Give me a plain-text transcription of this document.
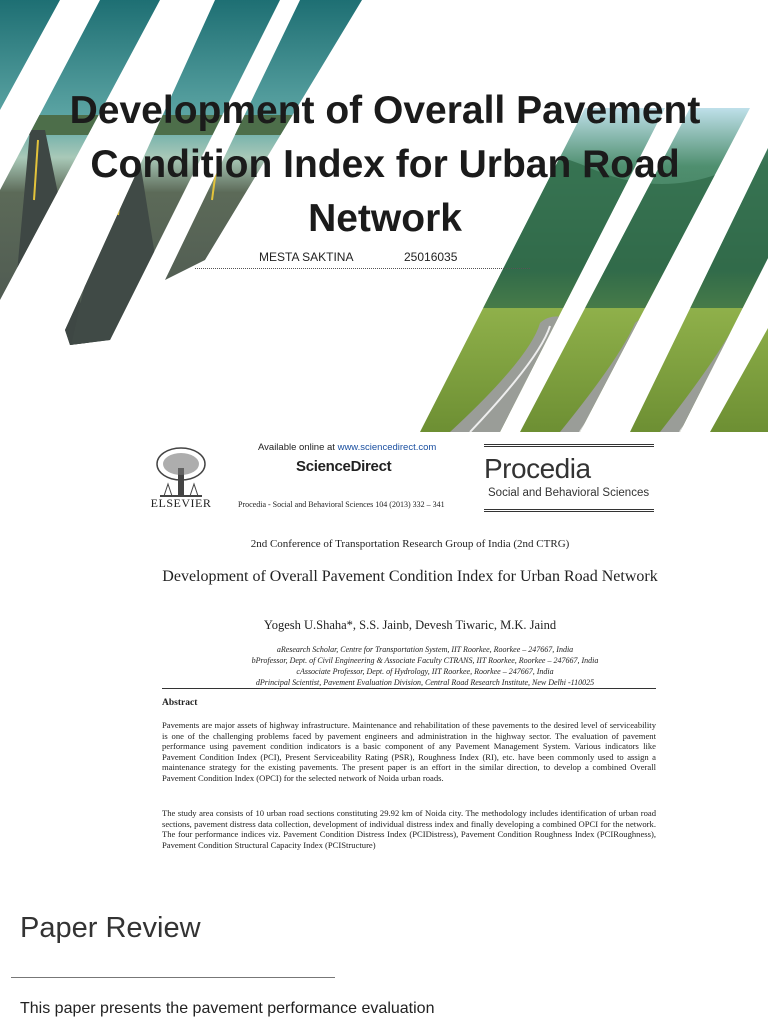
Development of Overall Pavement Condition Index for Urban Road Network
MESTA SAKTINA	25016035
ELSEVIER
Available online at www.sciencedirect.com
ScienceDirect
Procedia - Social and Behavioral Sciences 104 (2013) 332 – 341
Procedia
Social and Behavioral Sciences
2nd Conference of Transportation Research Group of India (2nd CTRG)
Development of Overall Pavement Condition Index for Urban Road Network
Yogesh U.Shaha*, S.S. Jainb, Devesh Tiwaric, M.K. Jaind
aResearch Scholar, Centre for Transportation System, IIT Roorkee, Roorkee – 247667, India
bProfessor, Dept. of Civil Engineering & Associate Faculty CTRANS, IIT Roorkee, Roorkee – 247667, India
cAssociate Professor, Dept. of Hydrology, IIT Roorkee, Roorkee – 247667, India
dPrincipal Scientist, Pavement Evaluation Division, Central Road Research Institute, New Delhi -110025
Abstract

Pavements are major assets of highway infrastructure. Maintenance and rehabilitation of these pavements to the desired level of serviceability is one of the challenging problems faced by pavement engineers and administration in the highway sector. The evaluation of pavement performance using pavement condition indicators is a basic component of any Pavement Management System. Various indicators like Pavement Condition Index (PCI), Present Serviceability Rating (PSR), Roughness Index (RI), etc. have been commonly used to assign a maintenance strategy for the existing pavements. The present paper is an effort in the similar direction, to develop a combined Overall Pavement Condition Index (OPCI) for the selected network of Noida urban roads.

The study area consists of 10 urban road sections constituting 29.92 km of Noida city. The methodology includes identification of urban road sections, pavement distress data collection, development of individual distress index and finally developing a combined OPCI for the network. The four performance indices viz. Pavement Condition Distress Index (PCIDistress), Pavement Condition Roughness Index (PCIRoughness), Pavement Condition Structural Capacity Index (PCIStructure)

Paper Review

This paper presents the pavement performance evaluation
